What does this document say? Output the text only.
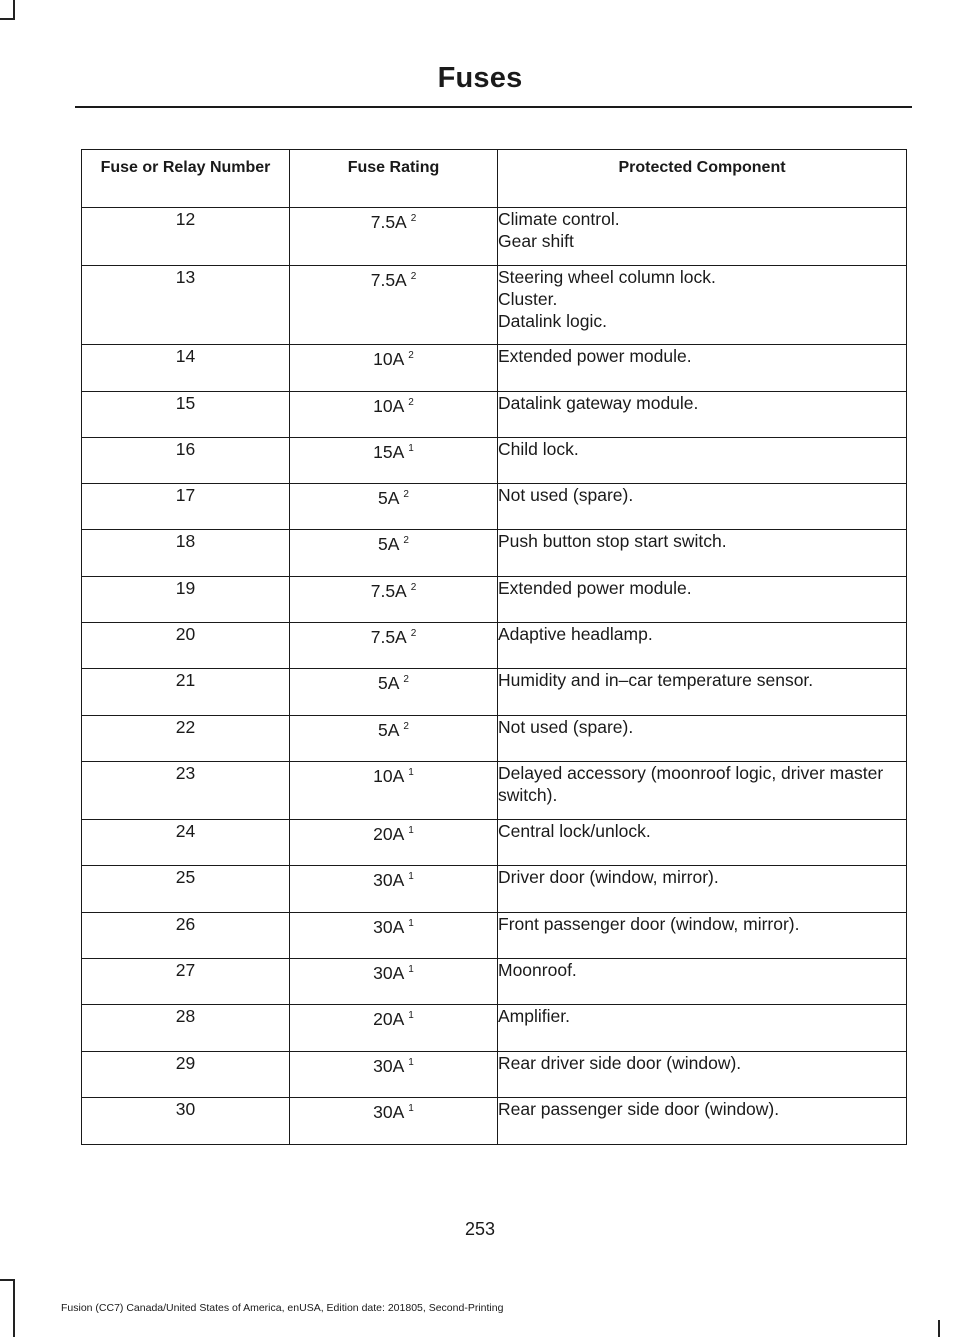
Fuses
Fuse or Relay Number	Fuse Rating	Protected Component
12	7.5A $^2$	Climate control.
Gear shift

13	7.5A $^2$	Steering wheel column lock.
Cluster.
Datalink logic.

14	10A $^2$	Extended power module.

15	10A $^2$	Datalink gateway module.

16	15A $^1$	Child lock.

17	5A $^2$	Not used (spare).

18	5A $^2$	Push button stop start switch.

19	7.5A $^2$	Extended power module.

20	7.5A $^2$	Adaptive headlamp.

21	5A $^2$	Humidity and in–car temperature sensor.

22	5A $^2$	Not used (spare).

23	10A $^1$	Delayed accessory (moonroof logic, driver master switch).

24	20A $^1$	Central lock/unlock.

25	30A $^1$	Driver door (window, mirror).

26	30A $^1$	Front passenger door (window, mirror).

27	30A $^1$	Moonroof.

28	20A $^1$	Amplifier.

29	30A $^1$	Rear driver side door (window).

30	30A $^1$	Rear passenger side door (window).
253
Fusion (CC7) Canada/United States of America, enUSA, Edition date: 201805, Second-Printing
